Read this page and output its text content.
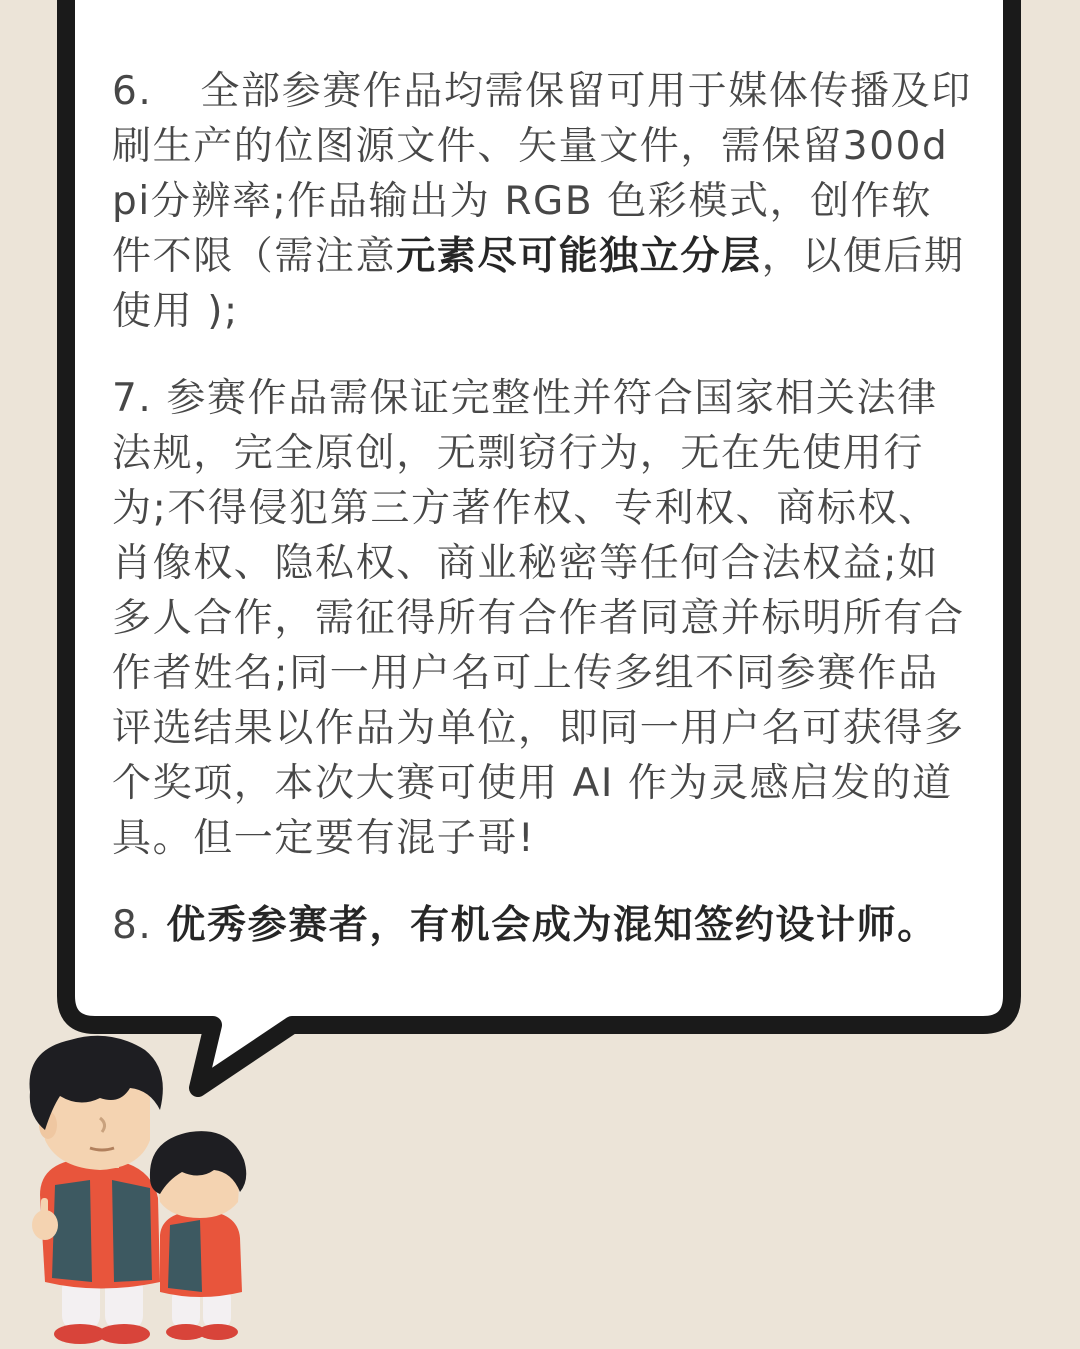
6. 全部参赛作品均需保留可用于媒体传播及印刷生产的位图源文件、矢量文件，需保留300dpi分辨率;作品输出为 RGB 色彩模式，创作软件不限（需注意元素尽可能独立分层，以便后期使用 );

7. 参赛作品需保证完整性并符合国家相关法律法规，完全原创，无剽窃行为，无在先使用行为;不得侵犯第三方著作权、专利权、商标权、肖像权、隐私权、商业秘密等任何合法权益;如多人合作，需征得所有合作者同意并标明所有合作者姓名;同一用户名可上传多组不同参赛作品评选结果以作品为单位，即同一用户名可获得多个奖项，本次大赛可使用 AI 作为灵感启发的道具。但一定要有混子哥!

8. 优秀参赛者，有机会成为混知签约设计师。
